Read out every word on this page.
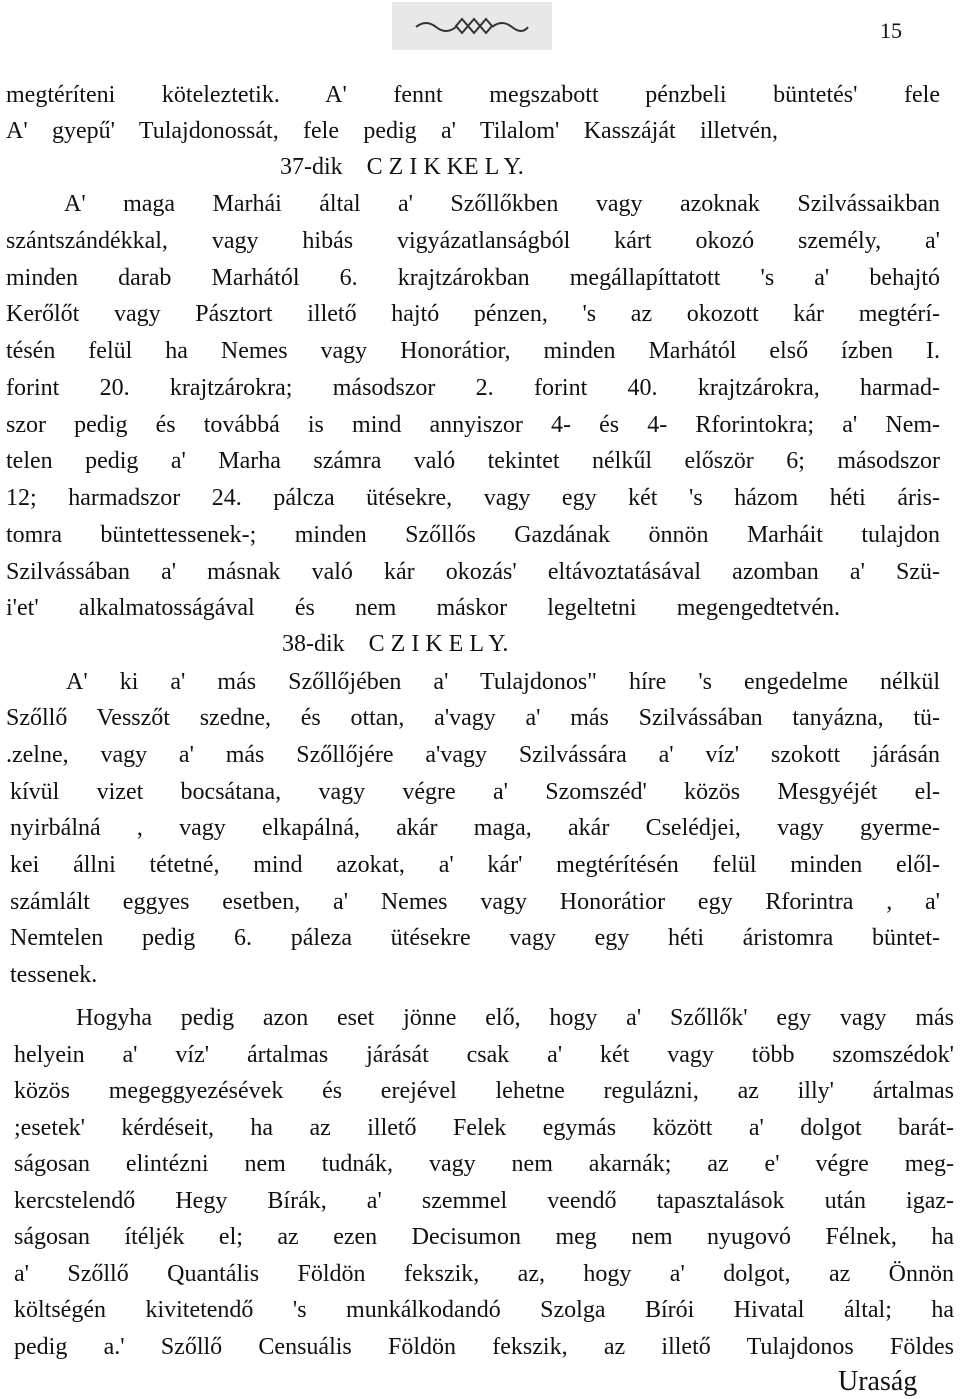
15
megtéríteni köteleztetik. A' fennt megszabott pénzbeli büntetés' fele
A' gyepű' Tulajdonossát, fele pedig a' Tilalom' Kasszáját illetvén,
37-dik    C Z I K KE L Y.
A' maga Marhái által a' Szőllőkben vagy azoknak Szilvássaikban
szántszándékkal, vagy hibás vigyázatlanságból kárt okozó személy, a'
minden darab Marhától 6. krajtzárokban megállapíttatott 's a' behajtó
Kerőlőt vagy Pásztort illető hajtó pénzen, 's az okozott kár megtérí-
tésén felül ha Nemes vagy Honorátior, minden Marhától első ízben I.
forint 20. krajtzárokra; másodszor 2. forint 40. krajtzárokra, harmad-
szor pedig és továbbá is mind annyiszor 4- és 4- Rforintokra; a' Nem-
telen pedig a' Marha számra való tekintet nélkűl először 6; másodszor
12; harmadszor 24. pálcza ütésekre, vagy egy két 's házom héti áris-
tomra büntettessenek-; minden Szőllős Gazdának önnön Marháit tulajdon
Szilvássában a' másnak való kár okozás' eltávoztatásával azomban a' Szü-
i'et' alkalmatosságával és nem máskor legeltetni megengedtetvén.
38-dik    C Z I K E L Y.
A' ki a' más Szőllőjében a' Tulajdonos" híre 's engedelme nélkül
Szőllő Vesszőt szedne, és ottan, a'vagy a' más Szilvássában tanyázna, tü-
.zelne, vagy a' más Szőllőjére a'vagy Szilvássára a' víz' szokott járásán
kívül vizet bocsátana, vagy végre a' Szomszéd' közös Mesgyéjét el-
nyirbálná , vagy elkapálná, akár maga, akár Cselédjei, vagy gyerme-
kei állni tétetné, mind azokat, a' kár' megtérítésén felül minden elől-
számlált eggyes esetben, a' Nemes vagy Honorátior egy Rforintra , a'
Nemtelen pedig 6. páleza ütésekre vagy egy héti áristomra büntet-
tessenek.
Hogyha pedig azon eset jönne elő, hogy a' Szőllők' egy vagy más
helyein a' víz' ártalmas járását csak a' két vagy több szomszédok'
közös megeggyezésévek és erejével lehetne regulázni, az illy' ártalmas
;esetek' kérdéseit, ha az illető Felek egymás között a' dolgot barát-
ságosan elintézni nem tudnák, vagy nem akarnák; az e' végre meg-
kercstelendő Hegy Bírák, a' szemmel veendő tapasztalások után igaz-
ságosan ítéljék el; az ezen Decisumon meg nem nyugovó Félnek, ha
a' Szőllő Quantális Földön fekszik, az, hogy a' dolgot, az Önnön
költségén kivitetendő 's munkálkodandó Szolga Bírói Hivatal által; ha
pedig a.' Szőllő Censuális Földön fekszik, az illető Tulajdonos Földes
Uraság
